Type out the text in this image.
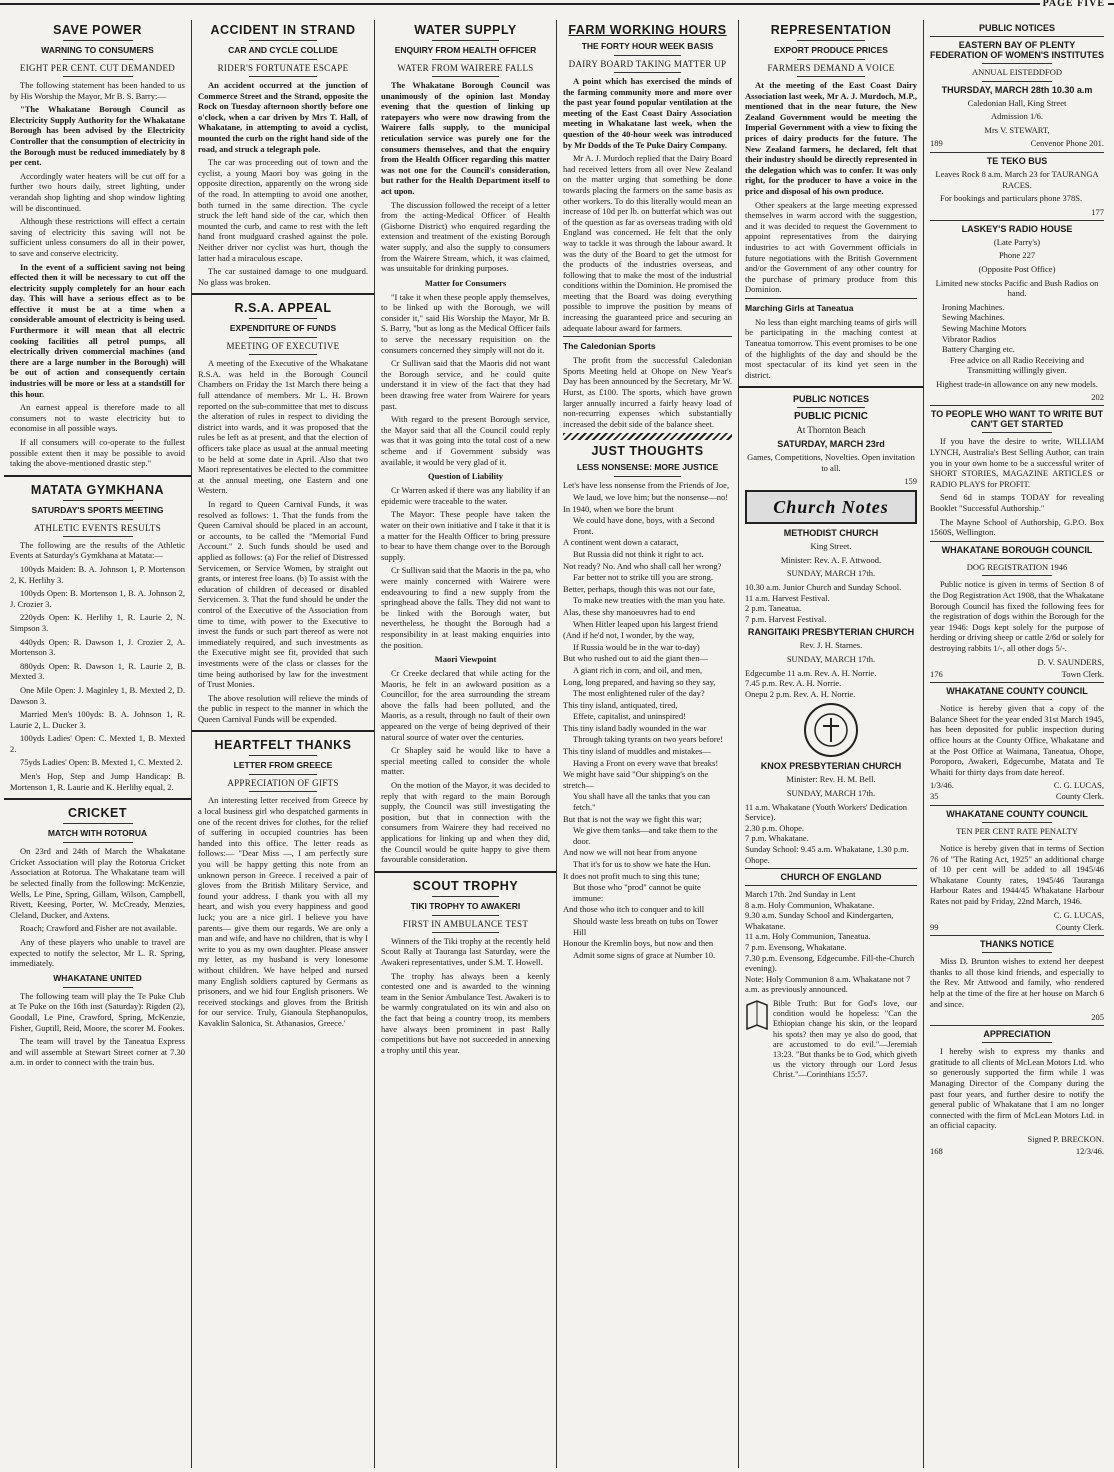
PAGE FIVE
SAVE POWER
WARNING TO CONSUMERS
EIGHT PER CENT. CUT DEMANDED

The following statement has been handed to us by His Worship the Mayor, Mr B. S. Barry:—

"The Whakatane Borough Council as Electricity Supply Authority for the Whakatane Borough has been advised by the Electricity Controller that the consumption of electricity in the Borough must be reduced immediately by 8 per cent.

Accordingly water heaters will be cut off for a further two hours daily, street lighting, under verandah shop lighting and shop window lighting will be discontinued.

Although these restrictions will effect a certain saving of electricity this saving will not be sufficient unless consumers do all in their power, to save and conserve electricity.

In the event of a sufficient saving not being effected then it will be necessary to cut off the electricity supply completely for an hour each day. This will have a serious effect as to be effective it must be at a time when a considerable amount of electricity is being used. Furthermore it will mean that all electric cooking facilities all petrol pumps, all electrically driven commercial machines (and there are a large number in the Borough) will be out of action and consequently certain industries will be more or less at a standstill for this hour.

An earnest appeal is therefore made to all consumers not to waste electricity but to economise in all possible ways.

If all consumers will co-operate to the fullest possible extent then it may be possible to avoid taking the above-mentioned drastic step."

MATATA GYMKHANA
SATURDAY'S SPORTS MEETING
ATHLETIC EVENTS RESULTS

The following are the results of the Athletic Events at Saturday's Gymkhana at Matata:—

100yds Maiden: B. A. Johnson 1, P. Mortenson 2, K. Herlihy 3.

100yds Open: B. Mortenson 1, B. A. Johnson 2, J. Crozier 3.

220yds Open: K. Herlihy 1, R. Laurie 2, N. Simpson 3.

440yds Open: R. Dawson 1, J. Crozier 2, A. Mortenson 3.

880yds Open: R. Dawson 1, R. Laurie 2, B. Mexted 3.

One Mile Open: J. Maginley 1, B. Mexted 2, D. Dawson 3.

Married Men's 100yds: B. A. Johnson 1, R. Laurie 2, L. Ducker 3.

100yds Ladies' Open: C. Mexted 1, B. Mexted 2.

75yds Ladies' Open: B. Mexted 1, C. Mexted 2.

Men's Hop, Step and Jump Handicap: B. Mortenson 1, R. Laurie and K. Herlihy equal, 2.

CRICKET
MATCH WITH ROTORUA

On 23rd and 24th of March the Whakatane Cricket Association will play the Rotorua Cricket Association at Rotorua. The Whakatane team will be selected finally from the following: McKenzie, Wells, Le Pine, Spring, Gillam, Wilson, Campbell, Rivett, Keesing, Porter, W. McCready, Menzies, Cleland, Ducker, and Axtens.

Roach; Crawford and Fisher are not available.

Any of these players who unable to travel are expected to notify the selector, Mr L. R. Spring, immediately.

WHAKATANE UNITED

The following team will play the Te Puke Club at Te Puke on the 16th inst (Saturday): Rigden (2), Goodall, Le Pine, Crawford, Spring, McKenzie, Fisher, Guptill, Reid, Moore, the scorer M. Fookes.

The team will travel by the Taneatua Express and will assemble at Stewart Street corner at 7.30 a.m. in order to connect with the train bus.

ACCIDENT IN STRAND
CAR AND CYCLE COLLIDE
RIDER'S FORTUNATE ESCAPE

An accident occurred at the junction of Commerce Street and the Strand, opposite the Rock on Tuesday afternoon shortly before one o'clock, when a car driven by Mrs T. Hall, of Whakatane, in attempting to avoid a cyclist, mounted the curb on the right hand side of the road, and struck a telegraph pole.

The car was proceeding out of town and the cyclist, a young Maori boy was going in the opposite direction, apparently on the wrong side of the road. In attempting to avoid one another, both turned in the same direction. The cycle struck the left hand side of the car, which then mounted the curb, and came to rest with the left hand front mudguard crashed against the pole. Neither driver nor cyclist was hurt, though the latter had a miraculous escape.

The car sustained damage to one mudguard. No glass was broken.

R.S.A. APPEAL
EXPENDITURE OF FUNDS
MEETING OF EXECUTIVE

A meeting of the Executive of the Whakatane R.S.A. was held in the Borough Council Chambers on Friday the 1st March there being a full attendance of members. Mr L. H. Brown reported on the sub-committee that met to discuss the alteration of rules in respect to dividing the district into wards, and it was proposed that the rules be left as at present, and that the election of officers take place as usual at the annual meeting to be held at some date in April. Also that two Maori representatives be elected to the committee at the annual meeting, one Eastern and one Western.

In regard to Queen Carnival Funds, it was resolved as follows: 1. That the funds from the Queen Carnival should be placed in an account, or accounts, to be called the "Memorial Fund Account." 2. Such funds should be used and applied as follows: (a) For the relief of Distressed Servicemen, or Service Women, by straight out grants, or interest free loans. (b) To assist with the education of children of deceased or disabled Servicemen. 3. That the fund should be under the control of the Executive of the Association from time to time, with power to the Executive to invest the funds or such part thereof as were not immediately required, and such investments as the Executive might see fit, provided that such investments were of the class or classes for the time being authorised by law for the investment of Trust Monies.

The above resolution will relieve the minds of the public in respect to the manner in which the Queen Carnival Funds will be expended.

HEARTFELT THANKS
LETTER FROM GREECE
APPRECIATION OF GIFTS

An interesting letter received from Greece by a local business girl who despatched garments in one of the recent drives for clothes, for the relief of suffering in occupied countries has been handed into this office. The letter reads as follows:— "Dear Miss —, I am perfectly sure you will be happy getting this note from an unknown person in Greece. I received a pair of gloves from the British Military Service, and found your address. I thank you with all my heart, and wish you every happiness and good luck; you are a nice girl. I believe you have parents— give them our regards. We are only a man and wife, and have no children, that is why I write to you as my own daughter. Please answer my letter, as my husband is very lonesome without children. We have helped and nursed many English soldiers captured by Germans as prisoners, and we hid four English prisoners. We received stockings and gloves from the British for our service. Truly, Gianoula Stephanopulos, Kavaklin Salonica, St. Athanasios, Greece.'

WATER SUPPLY
ENQUIRY FROM HEALTH OFFICER
WATER FROM WAIRERE FALLS

The Whakatane Borough Council was unanimously of the opinion last Monday evening that the question of linking up ratepayers who were now drawing from the Wairere falls supply, to the municipal reticulation service was purely one for the consumers themselves, and that the enquiry from the Health Officer regarding this matter was not one for the Council's consideration, but rather for the Health Department itself to act upon.

The discussion followed the receipt of a letter from the acting-Medical Officer of Health (Gisborne District) who enquired regarding the extension and treatment of the existing Borough water supply, and also the supply to consumers from the Wairere Stream, which, it was claimed, was unsuitable for drinking purposes.

Matter for Consumers

"I take it when these people apply themselves, to be linked up with the Borough, we will consider it," said His Worship the Mayor, Mr B. S. Barry, "but as long as the Medical Officer fails to serve the necessary requisition on the consumers concerned they simply will not do it.

Cr Sullivan said that the Maoris did not want the Borough service, and he could quite understand it in view of the fact that they had been drawing free water from Wairere for years past.

With regard to the present Borough service, the Mayor said that all the Council could reply was that it was going into the total cost of a new scheme and if Government subsidy was available, it would be very glad of it.

Question of Liability

Cr Warren asked if there was any liability if an epidemic were traceable to the water.

The Mayor: These people have taken the water on their own initiative and I take it that it is a matter for the Health Officer to bring pressure to bear to have them change over to the Borough supply.

Cr Sullivan said that the Maoris in the pa, who were mainly concerned with Wairere were endeavouring to find a new supply from the springhead above the falls. They did not want to be linked with the Borough water, but nevertheless, he thought the Borough had a responsibility in at least making enquiries into the position.

Maori Viewpoint

Cr Creeke declared that while acting for the Maoris, he felt in an awkward position as a Councillor, for the area surrounding the stream above the falls had been polluted, and the Maoris, as a result, through no fault of their own appeared on the verge of being deprived of their natural source of water over the centuries.

Cr Shapley said he would like to have a special meeting called to consider the whole matter.

On the motion of the Mayor, it was decided to reply that with regard to the main Borough supply, the Council was still investigating the position, but that in connection with the consumers from Wairere they had received no applications for linking up and when they did, the Council would be quite happy to give them favourable consideration.

SCOUT TROPHY
TIKI TROPHY TO AWAKERI
FIRST IN AMBULANCE TEST

Winners of the Tiki trophy at the recently held Scout Rally at Tauranga last Saturday, were the Awakeri representatives, under S.M. T. Howell.

The trophy has always been a keenly contested one and is awarded to the winning team in the Senior Ambulance Test. Awakeri is to be warmly congratulated on its win and also on the fact that being a country troop, its members have always been prominent in past Rally competitions but have not succeeded in annexing a trophy until this year.

FARM WORKING HOURS
THE FORTY HOUR WEEK BASIS
DAIRY BOARD TAKING MATTER UP

A point which has exercised the minds of the farming community more and more over the past year found popular ventilation at the meeting of the East Coast Dairy Association meeting in Whakatane last week, when the question of the 40-hour week was introduced by Mr Dodds of the Te Puke Dairy Company.

Mr A. J. Murdoch replied that the Dairy Board had received letters from all over New Zealand on the matter urging that something be done towards placing the farmers on the same basis as other workers. To do this literally would mean an increase of 10d per lb. on butterfat which was out of the question as far as overseas trading with old England was concerned. He felt that the only way to tackle it was through the labour award. It was the duty of the Board to get the utmost for the products of the industries overseas, and following that to make the most of the industrial conditions within the Dominion. He promised the meeting that the Board was doing everything possible to improve the position by means of increasing the guaranteed price and securing an adequate labour award for farmers.

The Caledonian Sports

The profit from the successful Caledonian Sports Meeting held at Ohope on New Year's Day has been announced by the Secretary, Mr W. Hurst, as £100. The sports, which have grown larger annually incurred a fairly heavy load of non-recurring expenses which substantially increased the debit side of the balance sheet.

JUST THOUGHTS
LESS NONSENSE: MORE JUSTICE

Let's have less nonsense from the Friends of Joe,

We laud, we love him; but the nonsense—no!

In 1940, when we bore the brunt

We could have done, boys, with a Second Front.

A continent went down a cataract,

But Russia did not think it right to act.

Not ready? No. And who shall call her wrong?

Far better not to strike till you are strong.

Better, perhaps, though this was not our fate,

To make new treaties with the man you hate.

Alas, these shy manoeuvres had to end

When Hitler leaped upon his largest friend

(And if he'd not, I wonder, by the way,

If Russia would be in the war to-day)

But who rushed out to aid the giant then—

A giant rich in corn, and oil, and men,

Long, long prepared, and having so they say,

The most enlightened ruler of the day?

This tiny island, antiquated, tired,

Effete, capitalist, and uninspired!

This tiny island badly wounded in the war

Through taking tyrants on two years before!

This tiny island of muddles and mistakes—

Having a Front on every wave that breaks!

We might have said "Our shipping's on the stretch—

You shall have all the tanks that you can fetch."

But that is not the way we fight this war;

We give them tanks—and take them to the door.

And now we will not hear from anyone

That it's for us to show we hate the Hun.

It does not profit much to sing this tune;

But those who "prod" cannot be quite immune:

And those who itch to conquer and to kill

Should waste less breath on tubs on Tower Hill

Honour the Kremlin boys, but now and then

Admit some signs of grace at Number 10.

REPRESENTATION
EXPORT PRODUCE PRICES
FARMERS DEMAND A VOICE

At the meeting of the East Coast Dairy Association last week, Mr A. J. Murdoch, M.P., mentioned that in the near future, the New Zealand Government would be meeting the Imperial Government with a view to fixing the prices of dairy products for the future. The New Zealand farmers, he declared, felt that their industry should be directly represented in the delegation which was to confer. It was only right, for the producer to have a voice in the price and disposal of his own produce.

Other speakers at the large meeting expressed themselves in warm accord with the suggestion, and it was decided to request the Government to appoint representatives from the dairying industries to act with Government officials in future negotiations with the British Government and/or the Government of any other country for the purchase of primary produce from this Dominion.

Marching Girls at Taneatua

No less than eight marching teams of girls will be participating in the maching contest at Taneatua tomorrow. This event promises to be one of the highlights of the day and should be the most spectacular of its kind yet seen in the district.

PUBLIC NOTICES
PUBLIC PICNIC

At Thornton Beach

SATURDAY, MARCH 23rd

Games, Competitions, Novelties. Open invitation to all.

159
Church Notes
METHODIST CHURCH

King Street.

Minister: Rev. A. F. Attwood.

SUNDAY, MARCH 17th.

10.30 a.m. Junior Church and Sunday School.

11 a.m. Harvest Festival.

2 p.m. Taneatua.

7 p.m. Harvest Festival.

RANGITAIKI PRESBYTERIAN CHURCH

Rev. J. H. Starnes.

SUNDAY, MARCH 17th.

Edgecumbe 11 a.m. Rev. A. H. Norrie.

7.45 p.m. Rev. A. H. Norrie.

Onepu 2 p.m. Rev. A. H. Norrie.

KNOX PRESBYTERIAN CHURCH

Minister: Rev. H. M. Bell.

SUNDAY, MARCH 17th.

11 a.m. Whakatane (Youth Workers' Dedication Service).

2.30 p.m. Ohope.

7 p.m. Whakatane.

Sunday School: 9.45 a.m. Whakatane, 1.30 p.m. Ohope.

CHURCH OF ENGLAND

March 17th. 2nd Sunday in Lent

8 a.m. Holy Communion, Whakatane.

9.30 a.m. Sunday School and Kindergarten, Whakatane.

11 a.m. Holy Communion, Taneatua.

7 p.m. Evensong, Whakatane.

7.30 p.m. Evensong, Edgecumbe. Fill-the-Church evening).

Note: Holy Communion 8 a.m. Whakatane not 7 a.m. as previously announced.

Bible Truth: But for God's love, our condition would be hopeless: "Can the Ethiopian change his skin, or the leopard his spots? then may ye also do good, that are accustomed to do evil."—Jeremiah 13:23. "But thanks be to God, which giveth us the victory through our Lord Jesus Christ."—Corinthians 15:57.

PUBLIC NOTICES
EASTERN BAY OF PLENTY FEDERATION OF WOMEN'S INSTITUTES

ANNUAL EISTEDDFOD

THURSDAY, MARCH 28th 10.30 a.m

Caledonian Hall, King Street

Admission 1/6.

Mrs V. STEWART,

189	Cenvenor Phone 201.
TE TEKO BUS

Leaves Rock 8 a.m. March 23 for TAURANGA RACES.

For bookings and particulars phone 378S.

177
LASKEY'S RADIO HOUSE

(Late Parry's)

Phone 227

(Opposite Post Office)

Limited new stocks Pacific and Bush Radios on hand.

Ironing Machines.

Sewing Machines.

Sewing Machine Motors

Vibrator Radios

Battery Charging etc.

Free advice on all Radio Receiving and Transmitting willingly given.

Highest trade-in allowance on any new models.

202
TO PEOPLE WHO WANT TO WRITE BUT CAN'T GET STARTED

If you have the desire to write, WILLIAM LYNCH, Australia's Best Selling Author, can train you in your own home to be a successful writer of SHORT STORIES, MAGAZINE ARTICLES or RADIO PLAYS for PROFIT.

Send 6d in stamps TODAY for revealing Booklet "Successful Authorship."

The Mayne School of Authorship, G.P.O. Box 1560S, Wellington.

WHAKATANE BOROUGH COUNCIL

DOG REGISTRATION 1946

Public notice is given in terms of Section 8 of the Dog Registration Act 1908, that the Whakatane Borough Council has fixed the following fees for the registration of dogs within the Borough for the year 1946: Dogs kept solely for the purpose of herding or driving sheep or cattle 2/6d or solely for destroying rabbits 1/-, all other dogs 5/-.

D. V. SAUNDERS,
176	Town Clerk.
WHAKATANE COUNTY COUNCIL

Notice is hereby given that a copy of the Balance Sheet for the year ended 31st March 1945, has been deposited for public inspection during office hours at the County Office, Whakatane and at the Post Office at Waimana, Taneatua, Ohope, Poroporo, Awakeri, Edgecumbe, Matata and Te Whaiti for thirty days from date hereof.

1/3/46.	C. G. LUCAS,
35	County Clerk.
WHAKATANE COUNTY COUNCIL

TEN PER CENT RATE PENALTY

Notice is hereby given that in terms of Section 76 of "The Rating Act, 1925" an additional charge of 10 per cent will be added to all 1945/46 Whakatane County rates, 1945/46 Tauranga Harbour Rates and 1944/45 Whakatane Harbour Rates not paid by Friday, 22nd March, 1946.

C. G. LUCAS,
99	County Clerk.
THANKS NOTICE

Miss D. Brunton wishes to extend her deepest thanks to all those kind friends, and especially to the Rev. Mr Attwood and family, who rendered help at the time of the fire at her house on March 6 and since.

205
APPRECIATION

I hereby wish to express my thanks and gratitude to all clients of McLean Motors Ltd. who so generously supported the firm while I was Managing Director of the Company during the past four years, and further desire to notify the general public of Whakatane that I am no longer connected with the firm of McLean Motors Ltd. in an official capacity.

Signed P. BRECKON.
168	12/3/46.
